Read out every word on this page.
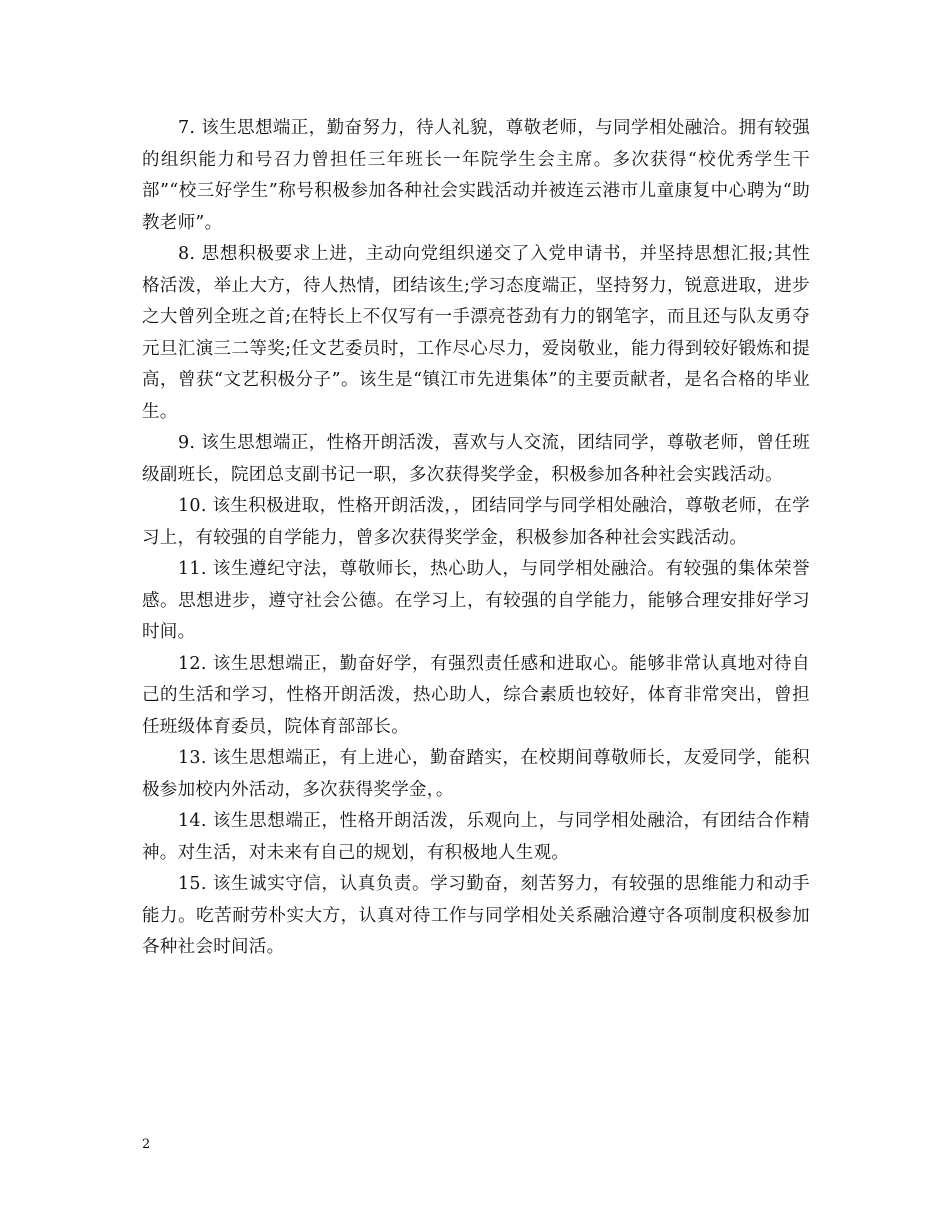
7. 该生思想端正，勤奋努力，待人礼貌，尊敬老师，与同学相处融洽。拥有较强的组织能力和号召力曾担任三年班长一年院学生会主席。多次获得“校优秀学生干部”“校三好学生”称号积极参加各种社会实践活动并被连云港市儿童康复中心聘为“助教老师”。

8. 思想积极要求上进，主动向党组织递交了入党申请书，并坚持思想汇报;其性格活泼，举止大方，待人热情，团结该生;学习态度端正，坚持努力，锐意进取，进步之大曾列全班之首;在特长上不仅写有一手漂亮苍劲有力的钢笔字，而且还与队友勇夺元旦汇演三二等奖;任文艺委员时，工作尽心尽力，爱岗敬业，能力得到较好锻炼和提高，曾获“文艺积极分子”。该生是“镇江市先进集体”的主要贡献者，是名合格的毕业生。

9. 该生思想端正，性格开朗活泼，喜欢与人交流，团结同学，尊敬老师，曾任班级副班长，院团总支副书记一职，多次获得奖学金，积极参加各种社会实践活动。

10. 该生积极进取，性格开朗活泼，，团结同学与同学相处融洽，尊敬老师，在学习上，有较强的自学能力，曾多次获得奖学金，积极参加各种社会实践活动。

11. 该生遵纪守法，尊敬师长，热心助人，与同学相处融洽。有较强的集体荣誉感。思想进步，遵守社会公德。在学习上，有较强的自学能力，能够合理安排好学习时间。

12. 该生思想端正，勤奋好学，有强烈责任感和进取心。能够非常认真地对待自己的生活和学习，性格开朗活泼，热心助人，综合素质也较好，体育非常突出，曾担任班级体育委员，院体育部部长。

13. 该生思想端正，有上进心，勤奋踏实，在校期间尊敬师长，友爱同学，能积极参加校内外活动，多次获得奖学金，。

14. 该生思想端正，性格开朗活泼，乐观向上，与同学相处融洽，有团结合作精神。对生活，对未来有自己的规划，有积极地人生观。

15. 该生诚实守信，认真负责。学习勤奋，刻苦努力，有较强的思维能力和动手能力。吃苦耐劳朴实大方，认真对待工作与同学相处关系融洽遵守各项制度积极参加各种社会时间活。

2
